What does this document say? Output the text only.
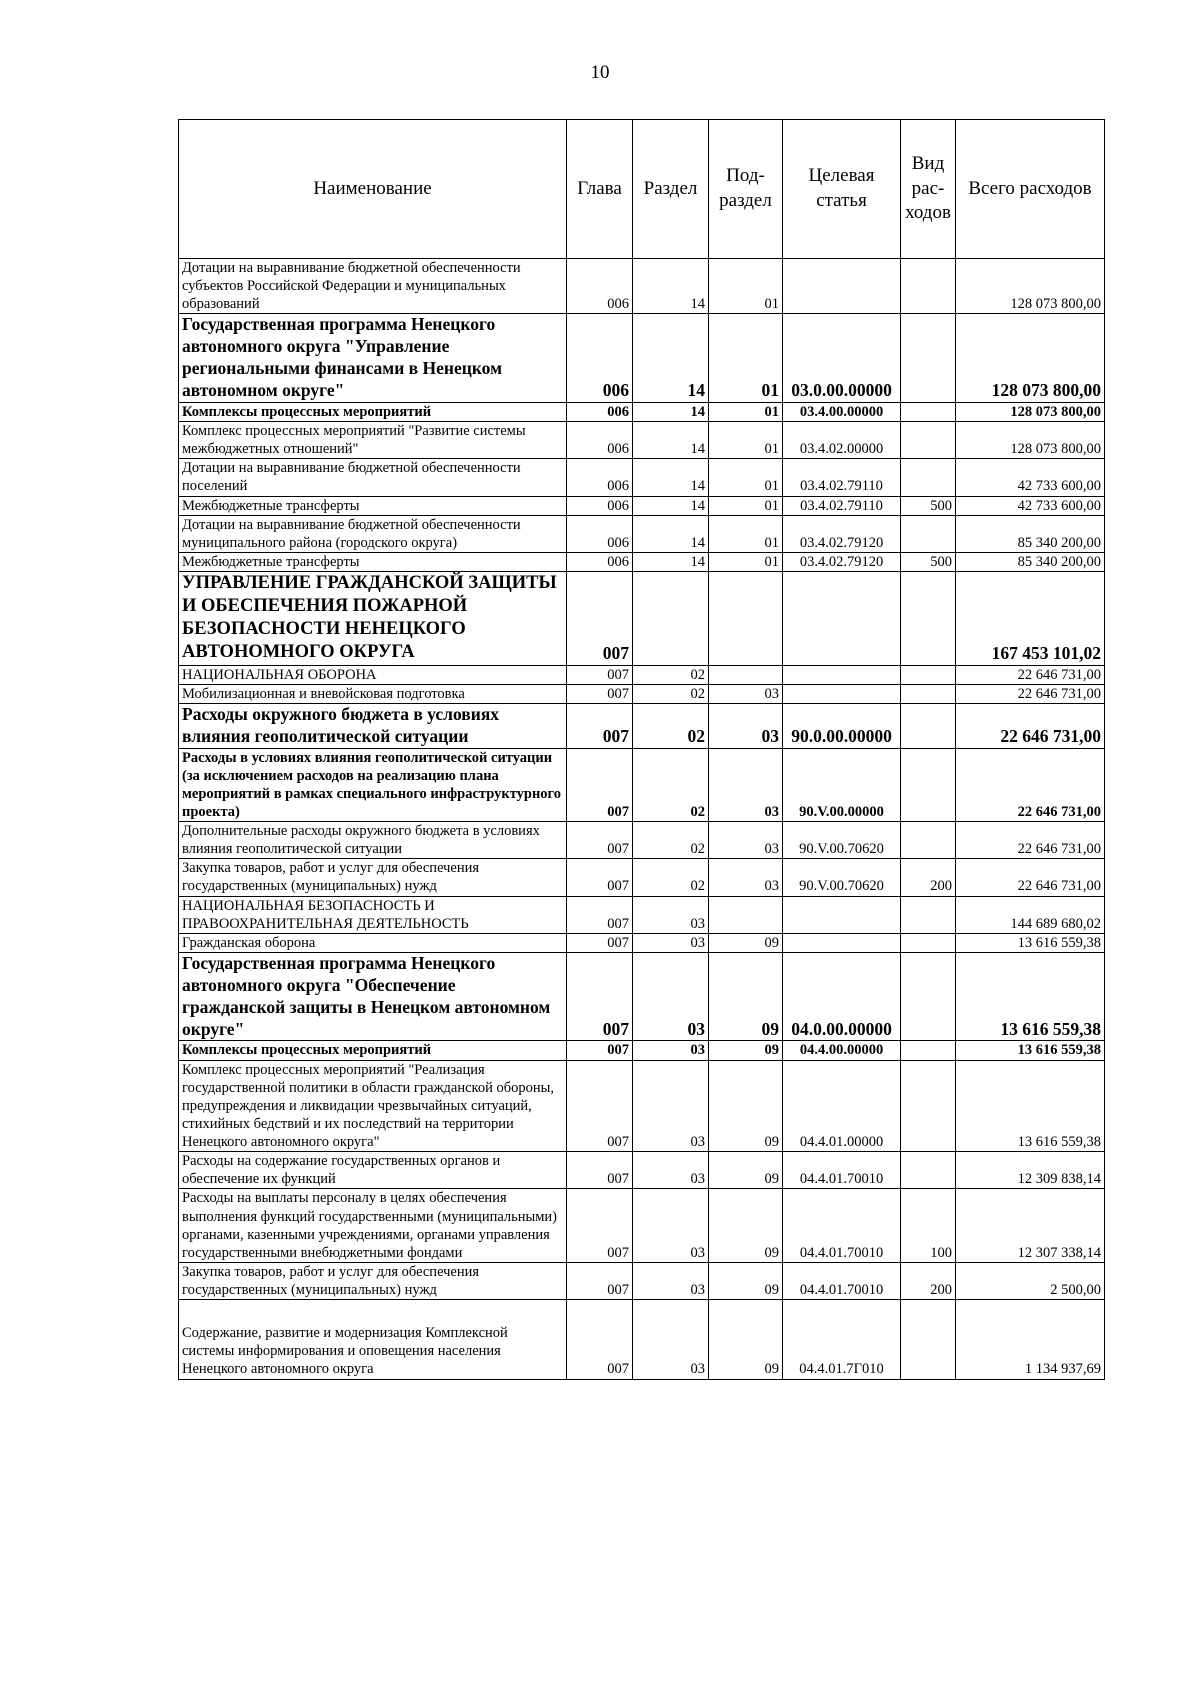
10
Наименование	Глава	Раздел	Под-раздел	Целевая статья	Вид рас-ходов	Всего расходов
Дотации на выравнивание бюджетной обеспеченности субъектов Российской Федерации и муниципальных образований	006	14	01			128 073 800,00
Государственная программа Ненецкого автономного округа "Управление региональными финансами в Ненецком автономном округе"	006	14	01	03.0.00.00000		128 073 800,00
Комплексы процессных мероприятий	006	14	01	03.4.00.00000		128 073 800,00
Комплекс процессных мероприятий "Развитие системы межбюджетных отношений"	006	14	01	03.4.02.00000		128 073 800,00
Дотации на выравнивание бюджетной обеспеченности поселений	006	14	01	03.4.02.79110		42 733 600,00
Межбюджетные трансферты	006	14	01	03.4.02.79110	500	42 733 600,00
Дотации на выравнивание бюджетной обеспеченности муниципального района (городского округа)	006	14	01	03.4.02.79120		85 340 200,00
Межбюджетные трансферты	006	14	01	03.4.02.79120	500	85 340 200,00
УПРАВЛЕНИЕ ГРАЖДАНСКОЙ ЗАЩИТЫ И ОБЕСПЕЧЕНИЯ ПОЖАРНОЙ БЕЗОПАСНОСТИ НЕНЕЦКОГО АВТОНОМНОГО ОКРУГА	007					167 453 101,02
НАЦИОНАЛЬНАЯ ОБОРОНА	007	02				22 646 731,00
Мобилизационная и вневойсковая подготовка	007	02	03			22 646 731,00
Расходы окружного бюджета в условиях влияния геополитической ситуации	007	02	03	90.0.00.00000		22 646 731,00
Расходы в условиях влияния геополитической ситуации (за исключением расходов на реализацию плана мероприятий в рамках специального инфраструктурного проекта)	007	02	03	90.V.00.00000		22 646 731,00
Дополнительные расходы окружного бюджета в условиях влияния геополитической ситуации	007	02	03	90.V.00.70620		22 646 731,00
Закупка товаров, работ и услуг для обеспечения государственных (муниципальных) нужд	007	02	03	90.V.00.70620	200	22 646 731,00
НАЦИОНАЛЬНАЯ БЕЗОПАСНОСТЬ И ПРАВООХРАНИТЕЛЬНАЯ ДЕЯТЕЛЬНОСТЬ	007	03				144 689 680,02
Гражданская оборона	007	03	09			13 616 559,38
Государственная программа Ненецкого автономного округа "Обеспечение гражданской защиты в Ненецком автономном округе"	007	03	09	04.0.00.00000		13 616 559,38
Комплексы процессных мероприятий	007	03	09	04.4.00.00000		13 616 559,38
Комплекс процессных мероприятий "Реализация государственной политики в области гражданской обороны, предупреждения и ликвидации чрезвычайных ситуаций, стихийных бедствий и их последствий на территории Ненецкого автономного округа"	007	03	09	04.4.01.00000		13 616 559,38
Расходы на содержание государственных органов и обеспечение их функций	007	03	09	04.4.01.70010		12 309 838,14
Расходы на выплаты персоналу в целях обеспечения выполнения функций государственными (муниципальными) органами, казенными учреждениями, органами управления государственными внебюджетными фондами	007	03	09	04.4.01.70010	100	12 307 338,14
Закупка товаров, работ и услуг для обеспечения государственных (муниципальных) нужд	007	03	09	04.4.01.70010	200	2 500,00
Содержание, развитие и модернизация Комплексной системы информирования и оповещения населения Ненецкого автономного округа	007	03	09	04.4.01.7Г010		1 134 937,69
